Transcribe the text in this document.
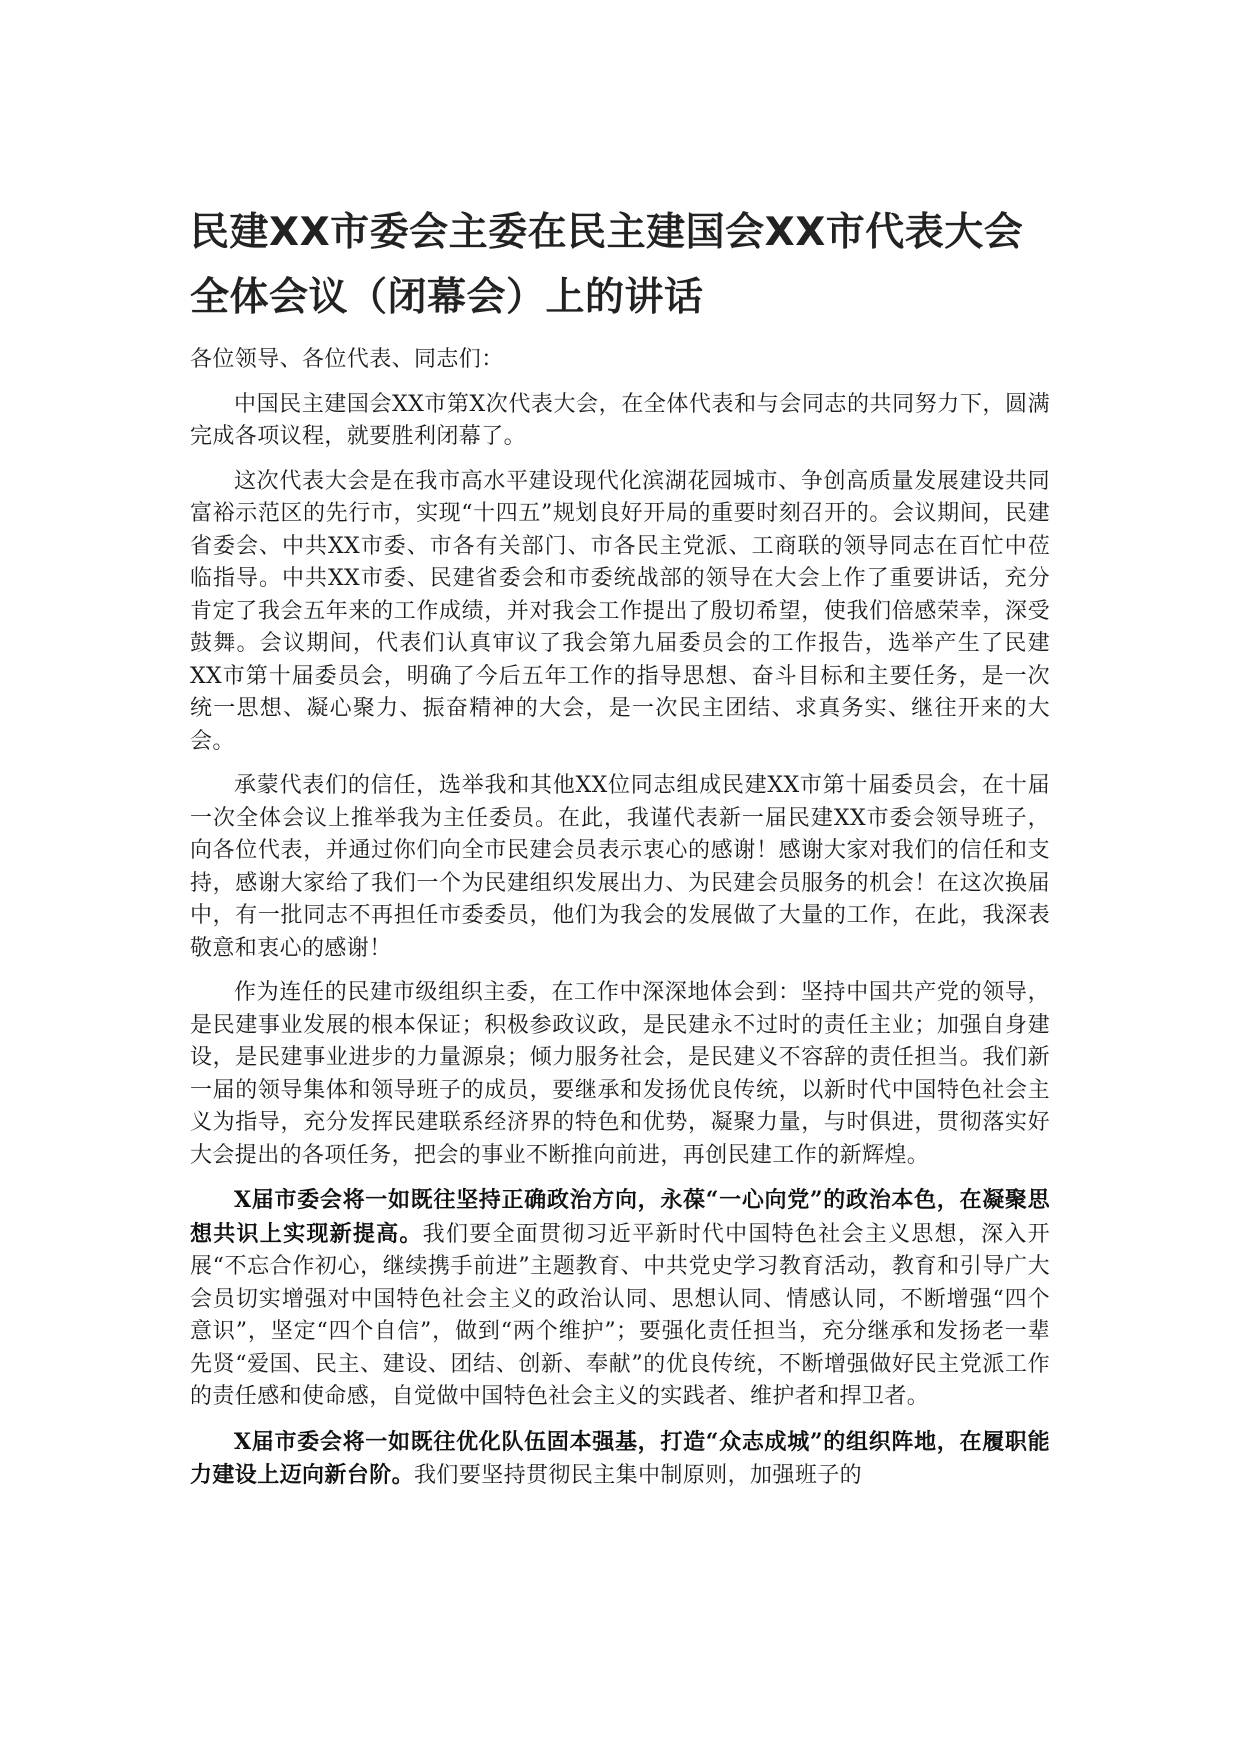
民建XX市委会主委在民主建国会XX市代表大会全体会议（闭幕会）上的讲话

各位领导、各位代表、同志们：

中国民主建国会XX市第X次代表大会，在全体代表和与会同志的共同努力下，圆满完成各项议程，就要胜利闭幕了。

这次代表大会是在我市高水平建设现代化滨湖花园城市、争创高质量发展建设共同富裕示范区的先行市，实现“十四五”规划良好开局的重要时刻召开的。会议期间，民建省委会、中共XX市委、市各有关部门、市各民主党派、工商联的领导同志在百忙中莅临指导。中共XX市委、民建省委会和市委统战部的领导在大会上作了重要讲话，充分肯定了我会五年来的工作成绩，并对我会工作提出了殷切希望，使我们倍感荣幸，深受鼓舞。会议期间，代表们认真审议了我会第九届委员会的工作报告，选举产生了民建XX市第十届委员会，明确了今后五年工作的指导思想、奋斗目标和主要任务，是一次统一思想、凝心聚力、振奋精神的大会，是一次民主团结、求真务实、继往开来的大会。

承蒙代表们的信任，选举我和其他XX位同志组成民建XX市第十届委员会，在十届一次全体会议上推举我为主任委员。在此，我谨代表新一届民建XX市委会领导班子，向各位代表，并通过你们向全市民建会员表示衷心的感谢！感谢大家对我们的信任和支持，感谢大家给了我们一个为民建组织发展出力、为民建会员服务的机会！在这次换届中，有一批同志不再担任市委委员，他们为我会的发展做了大量的工作，在此，我深表敬意和衷心的感谢！

作为连任的民建市级组织主委，在工作中深深地体会到：坚持中国共产党的领导，是民建事业发展的根本保证；积极参政议政，是民建永不过时的责任主业；加强自身建设，是民建事业进步的力量源泉；倾力服务社会，是民建义不容辞的责任担当。我们新一届的领导集体和领导班子的成员，要继承和发扬优良传统，以新时代中国特色社会主义为指导，充分发挥民建联系经济界的特色和优势，凝聚力量，与时俱进，贯彻落实好大会提出的各项任务，把会的事业不断推向前进，再创民建工作的新辉煌。

X届市委会将一如既往坚持正确政治方向，永葆“一心向党”的政治本色，在凝聚思想共识上实现新提高。我们要全面贯彻习近平新时代中国特色社会主义思想，深入开展“不忘合作初心，继续携手前进”主题教育、中共党史学习教育活动，教育和引导广大会员切实增强对中国特色社会主义的政治认同、思想认同、情感认同，不断增强“四个意识”，坚定“四个自信”，做到“两个维护”；要强化责任担当，充分继承和发扬老一辈先贤“爱国、民主、建设、团结、创新、奉献”的优良传统，不断增强做好民主党派工作的责任感和使命感，自觉做中国特色社会主义的实践者、维护者和捍卫者。

X届市委会将一如既往优化队伍固本强基，打造“众志成城”的组织阵地，在履职能力建设上迈向新台阶。我们要坚持贯彻民主集中制原则，加强班子的
